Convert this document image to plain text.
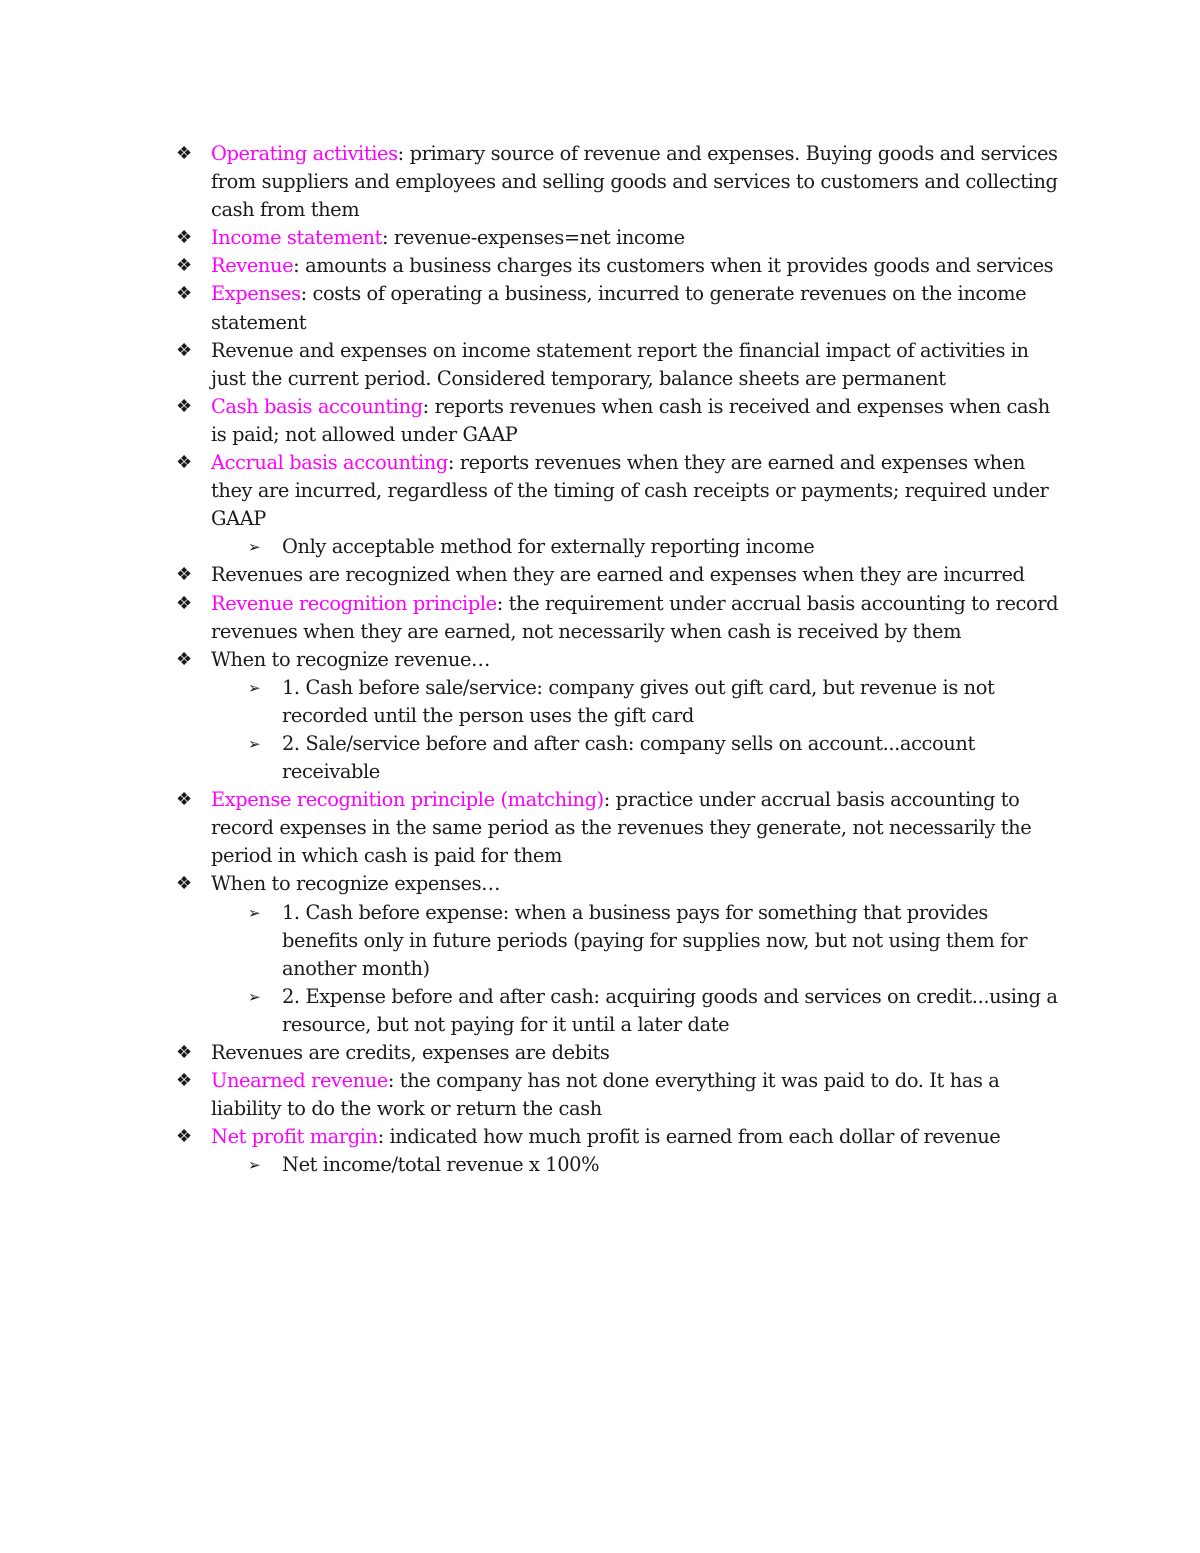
❖ Operating activities: primary source of revenue and expenses. Buying goods and services from suppliers and employees and selling goods and services to customers and collecting cash from them
❖ Income statement: revenue-expenses=net income
❖ Revenue: amounts a business charges its customers when it provides goods and services
❖ Expenses: costs of operating a business, incurred to generate revenues on the income statement
❖ Revenue and expenses on income statement report the financial impact of activities in just the current period. Considered temporary, balance sheets are permanent
❖ Cash basis accounting: reports revenues when cash is received and expenses when cash is paid; not allowed under GAAP
❖ Accrual basis accounting: reports revenues when they are earned and expenses when they are incurred, regardless of the timing of cash receipts or payments; required under GAAP
➢ Only acceptable method for externally reporting income
❖ Revenues are recognized when they are earned and expenses when they are incurred
❖ Revenue recognition principle: the requirement under accrual basis accounting to record revenues when they are earned, not necessarily when cash is received by them
❖ When to recognize revenue…
➢ 1. Cash before sale/service: company gives out gift card, but revenue is not recorded until the person uses the gift card
➢ 2. Sale/service before and after cash: company sells on account...account receivable
❖ Expense recognition principle (matching): practice under accrual basis accounting to record expenses in the same period as the revenues they generate, not necessarily the period in which cash is paid for them
❖ When to recognize expenses…
➢ 1. Cash before expense: when a business pays for something that provides benefits only in future periods (paying for supplies now, but not using them for another month)
➢ 2. Expense before and after cash: acquiring goods and services on credit...using a resource, but not paying for it until a later date
❖ Revenues are credits, expenses are debits
❖ Unearned revenue: the company has not done everything it was paid to do. It has a liability to do the work or return the cash
❖ Net profit margin: indicated how much profit is earned from each dollar of revenue
➢ Net income/total revenue x 100%
